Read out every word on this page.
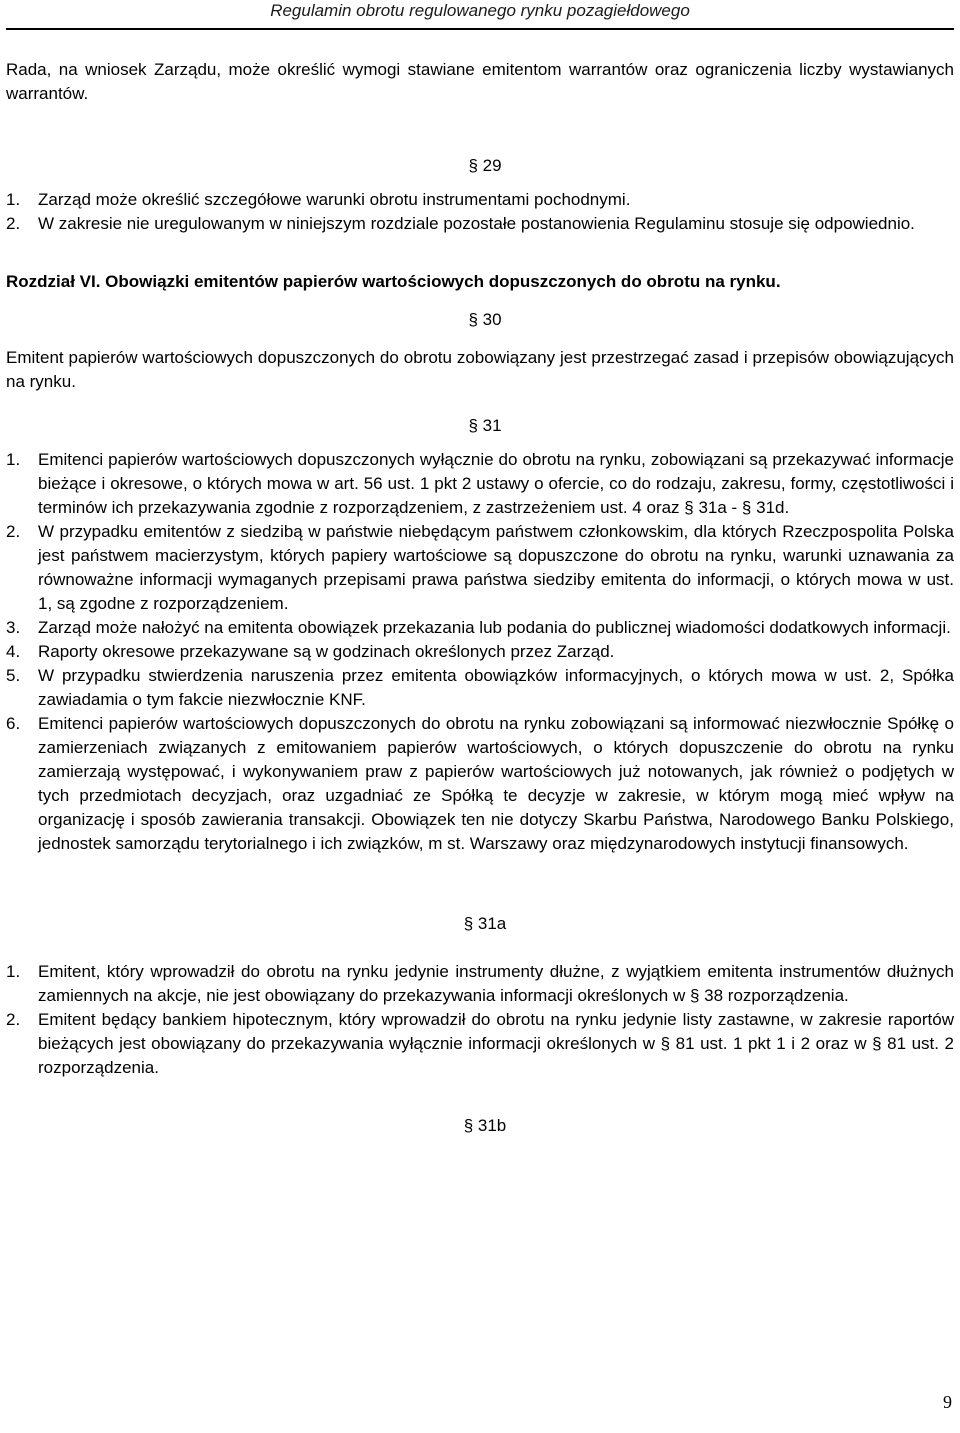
Regulamin obrotu regulowanego rynku pozagiełdowego

Rada, na wniosek Zarządu, może określić wymogi stawiane emitentom warrantów oraz ograniczenia liczby wystawianych warrantów.

§ 29

1.	Zarząd może określić szczegółowe warunki obrotu instrumentami pochodnymi.
2.	W zakresie nie uregulowanym w niniejszym rozdziale pozostałe postanowienia Regulaminu stosuje się odpowiednio.

Rozdział VI. Obowiązki emitentów papierów wartościowych dopuszczonych do obrotu na rynku.

§ 30

Emitent papierów wartościowych dopuszczonych do obrotu zobowiązany jest przestrzegać zasad i przepisów obowiązujących na rynku.

§ 31

1.	Emitenci papierów wartościowych dopuszczonych wyłącznie do obrotu na rynku, zobowiązani są przekazywać informacje bieżące i okresowe, o których mowa w art. 56 ust. 1 pkt 2 ustawy o ofercie, co do rodzaju, zakresu, formy, częstotliwości i terminów ich przekazywania zgodnie z rozporządzeniem, z zastrzeżeniem ust. 4 oraz § 31a - § 31d.
2.	W przypadku emitentów z siedzibą w państwie niebędącym państwem członkowskim, dla których Rzeczpospolita Polska jest państwem macierzystym, których papiery wartościowe są dopuszczone do obrotu na rynku, warunki uznawania za równoważne informacji wymaganych przepisami prawa państwa siedziby emitenta do informacji, o których mowa w ust. 1, są zgodne z rozporządzeniem.
3.	Zarząd może nałożyć na emitenta obowiązek przekazania lub podania do publicznej wiadomości dodatkowych informacji.
4.	Raporty okresowe przekazywane są w godzinach określonych przez Zarząd.
5.	W przypadku stwierdzenia naruszenia przez emitenta obowiązków informacyjnych, o których mowa w ust. 2, Spółka zawiadamia o tym fakcie niezwłocznie KNF.
6.	Emitenci papierów wartościowych dopuszczonych do obrotu na rynku zobowiązani są informować niezwłocznie Spółkę o zamierzeniach związanych z emitowaniem papierów wartościowych, o których dopuszczenie do obrotu na rynku zamierzają występować, i wykonywaniem praw z papierów wartościowych już notowanych, jak również o podjętych w tych przedmiotach decyzjach, oraz uzgadniać ze Spółką te decyzje w zakresie, w którym mogą mieć wpływ na organizację i sposób zawierania transakcji. Obowiązek ten nie dotyczy Skarbu Państwa, Narodowego Banku Polskiego, jednostek samorządu terytorialnego i ich związków, m st. Warszawy oraz międzynarodowych instytucji finansowych.

§ 31a

1.	Emitent, który wprowadził do obrotu na rynku jedynie instrumenty dłużne, z wyjątkiem emitenta instrumentów dłużnych zamiennych na akcje, nie jest obowiązany do przekazywania informacji określonych w § 38 rozporządzenia.
2.	Emitent będący bankiem hipotecznym, który wprowadził do obrotu na rynku jedynie listy zastawne, w zakresie raportów bieżących jest obowiązany do przekazywania wyłącznie informacji określonych w § 81 ust. 1 pkt 1 i 2 oraz w § 81 ust. 2 rozporządzenia.

§ 31b

9
